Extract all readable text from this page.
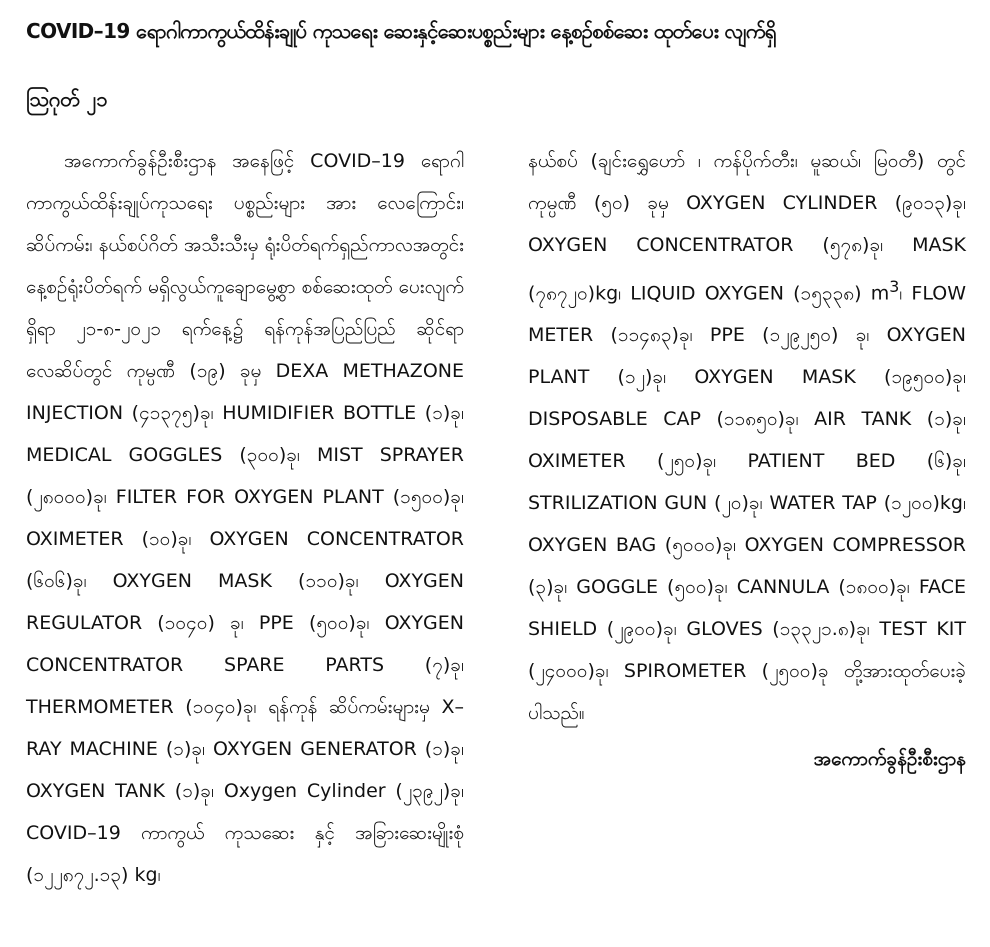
COVID–19 ရောဂါကာကွယ်ထိန်းချုပ် ကုသရေး ဆေးနှင့်ဆေးပစ္စည်းများ နေ့စဉ်စစ်ဆေး ထုတ်ပေး လျက်ရှိ
ဩဂုတ် ၂၁

အကောက်ခွန်ဦးစီးဌာန အနေဖြင့် COVID–19 ရောဂါ ကာကွယ်ထိန်းချုပ်ကုသရေး ပစ္စည်းများ အား လေကြောင်း၊ ဆိပ်ကမ်း၊ နယ်စပ်ဂိတ် အသီးသီးမှ ရုံးပိတ်ရက်ရှည်ကာလအတွင်း နေ့စဉ်ရုံးပိတ်ရက် မရှိလွယ်ကူချောမွေ့စွာ စစ်ဆေးထုတ် ပေးလျက် ရှိရာ ၂၁-၈-၂၀၂၁ ရက်နေ့၌ ရန်ကုန်အပြည်ပြည် ဆိုင်ရာ လေဆိပ်တွင် ကုမ္ပဏီ (၁၉) ခုမှ DEXA METHAZONE INJECTION (၄၁၃၇၅)ခု၊ HUMIDIFIER BOTTLE (၁)ခု၊ MEDICAL GOGGLES (၃၀၀)ခု၊ MIST SPRAYER (၂၈၀၀၀)ခု၊ FILTER FOR OXYGEN PLANT (၁၅၀၀)ခု၊ OXIMETER (၁၀)ခု၊ OXYGEN CONCENTRATOR (၆၀၆)ခု၊ OXYGEN MASK (၁၁၀)ခု၊ OXYGEN REGULATOR (၁၀၄၀) ခု၊ PPE (၅၀၀)ခု၊ OXYGEN CONCENTRATOR SPARE PARTS (၇)ခု၊ THERMOMETER (၁၀၄၀)ခု၊ ရန်ကုန် ဆိပ်ကမ်းများမှ X–RAY MACHINE (၁)ခု၊ OXYGEN GENERATOR (၁)ခု၊ OXYGEN TANK (၁)ခု၊ Oxygen Cylinder (၂၃၉၂)ခု၊ COVID–19 ကာကွယ် ကုသဆေး နှင့် အခြားဆေးမျိုးစုံ (၁၂၂၈၇၂.၁၃) kg၊

နယ်စပ် (ချင်းရွှေဟော် ၊ ကန်ပိုက်တီး၊ မူဆယ်၊ မြဝတီ) တွင် ကုမ္ပဏီ (၅၀) ခုမှ OXYGEN CYLINDER (၉၀၁၃)ခု၊ OXYGEN CONCENTRATOR (၅၇၈)ခု၊ MASK (၇၈၇၂၀)kg၊ LIQUID OXYGEN (၁၅၃၃၈) $m^3$၊ FLOW METER (၁၁၄၈၃)ခု၊ PPE (၁၂၉၂၅၀) ခု၊ OXYGEN PLANT (၁၂)ခု၊ OXYGEN MASK (၁၉၅၀၀)ခု၊ DISPOSABLE CAP (၁၁၈၅၀)ခု၊ AIR TANK (၁)ခု၊ OXIMETER (၂၅၀)ခု၊ PATIENT BED (၆)ခု၊ STRILIZATION GUN (၂၀)ခု၊ WATER TAP (၁၂၀၀)kg၊ OXYGEN BAG (၅၀၀၀)ခု၊ OXYGEN COMPRESSOR (၃)ခု၊ GOGGLE (၅၀၀)ခု၊ CANNULA (၁၈၀၀)ခု၊ FACE SHIELD (၂၉၀၀)ခု၊ GLOVES (၁၃၃၂၁.၈)ခု၊ TEST KIT (၂၄၀၀၀)ခု၊ SPIROMETER (၂၅၀၀)ခု တို့အားထုတ်ပေးခဲ့ပါသည်။

အကောက်ခွန်ဦးစီးဌာန
